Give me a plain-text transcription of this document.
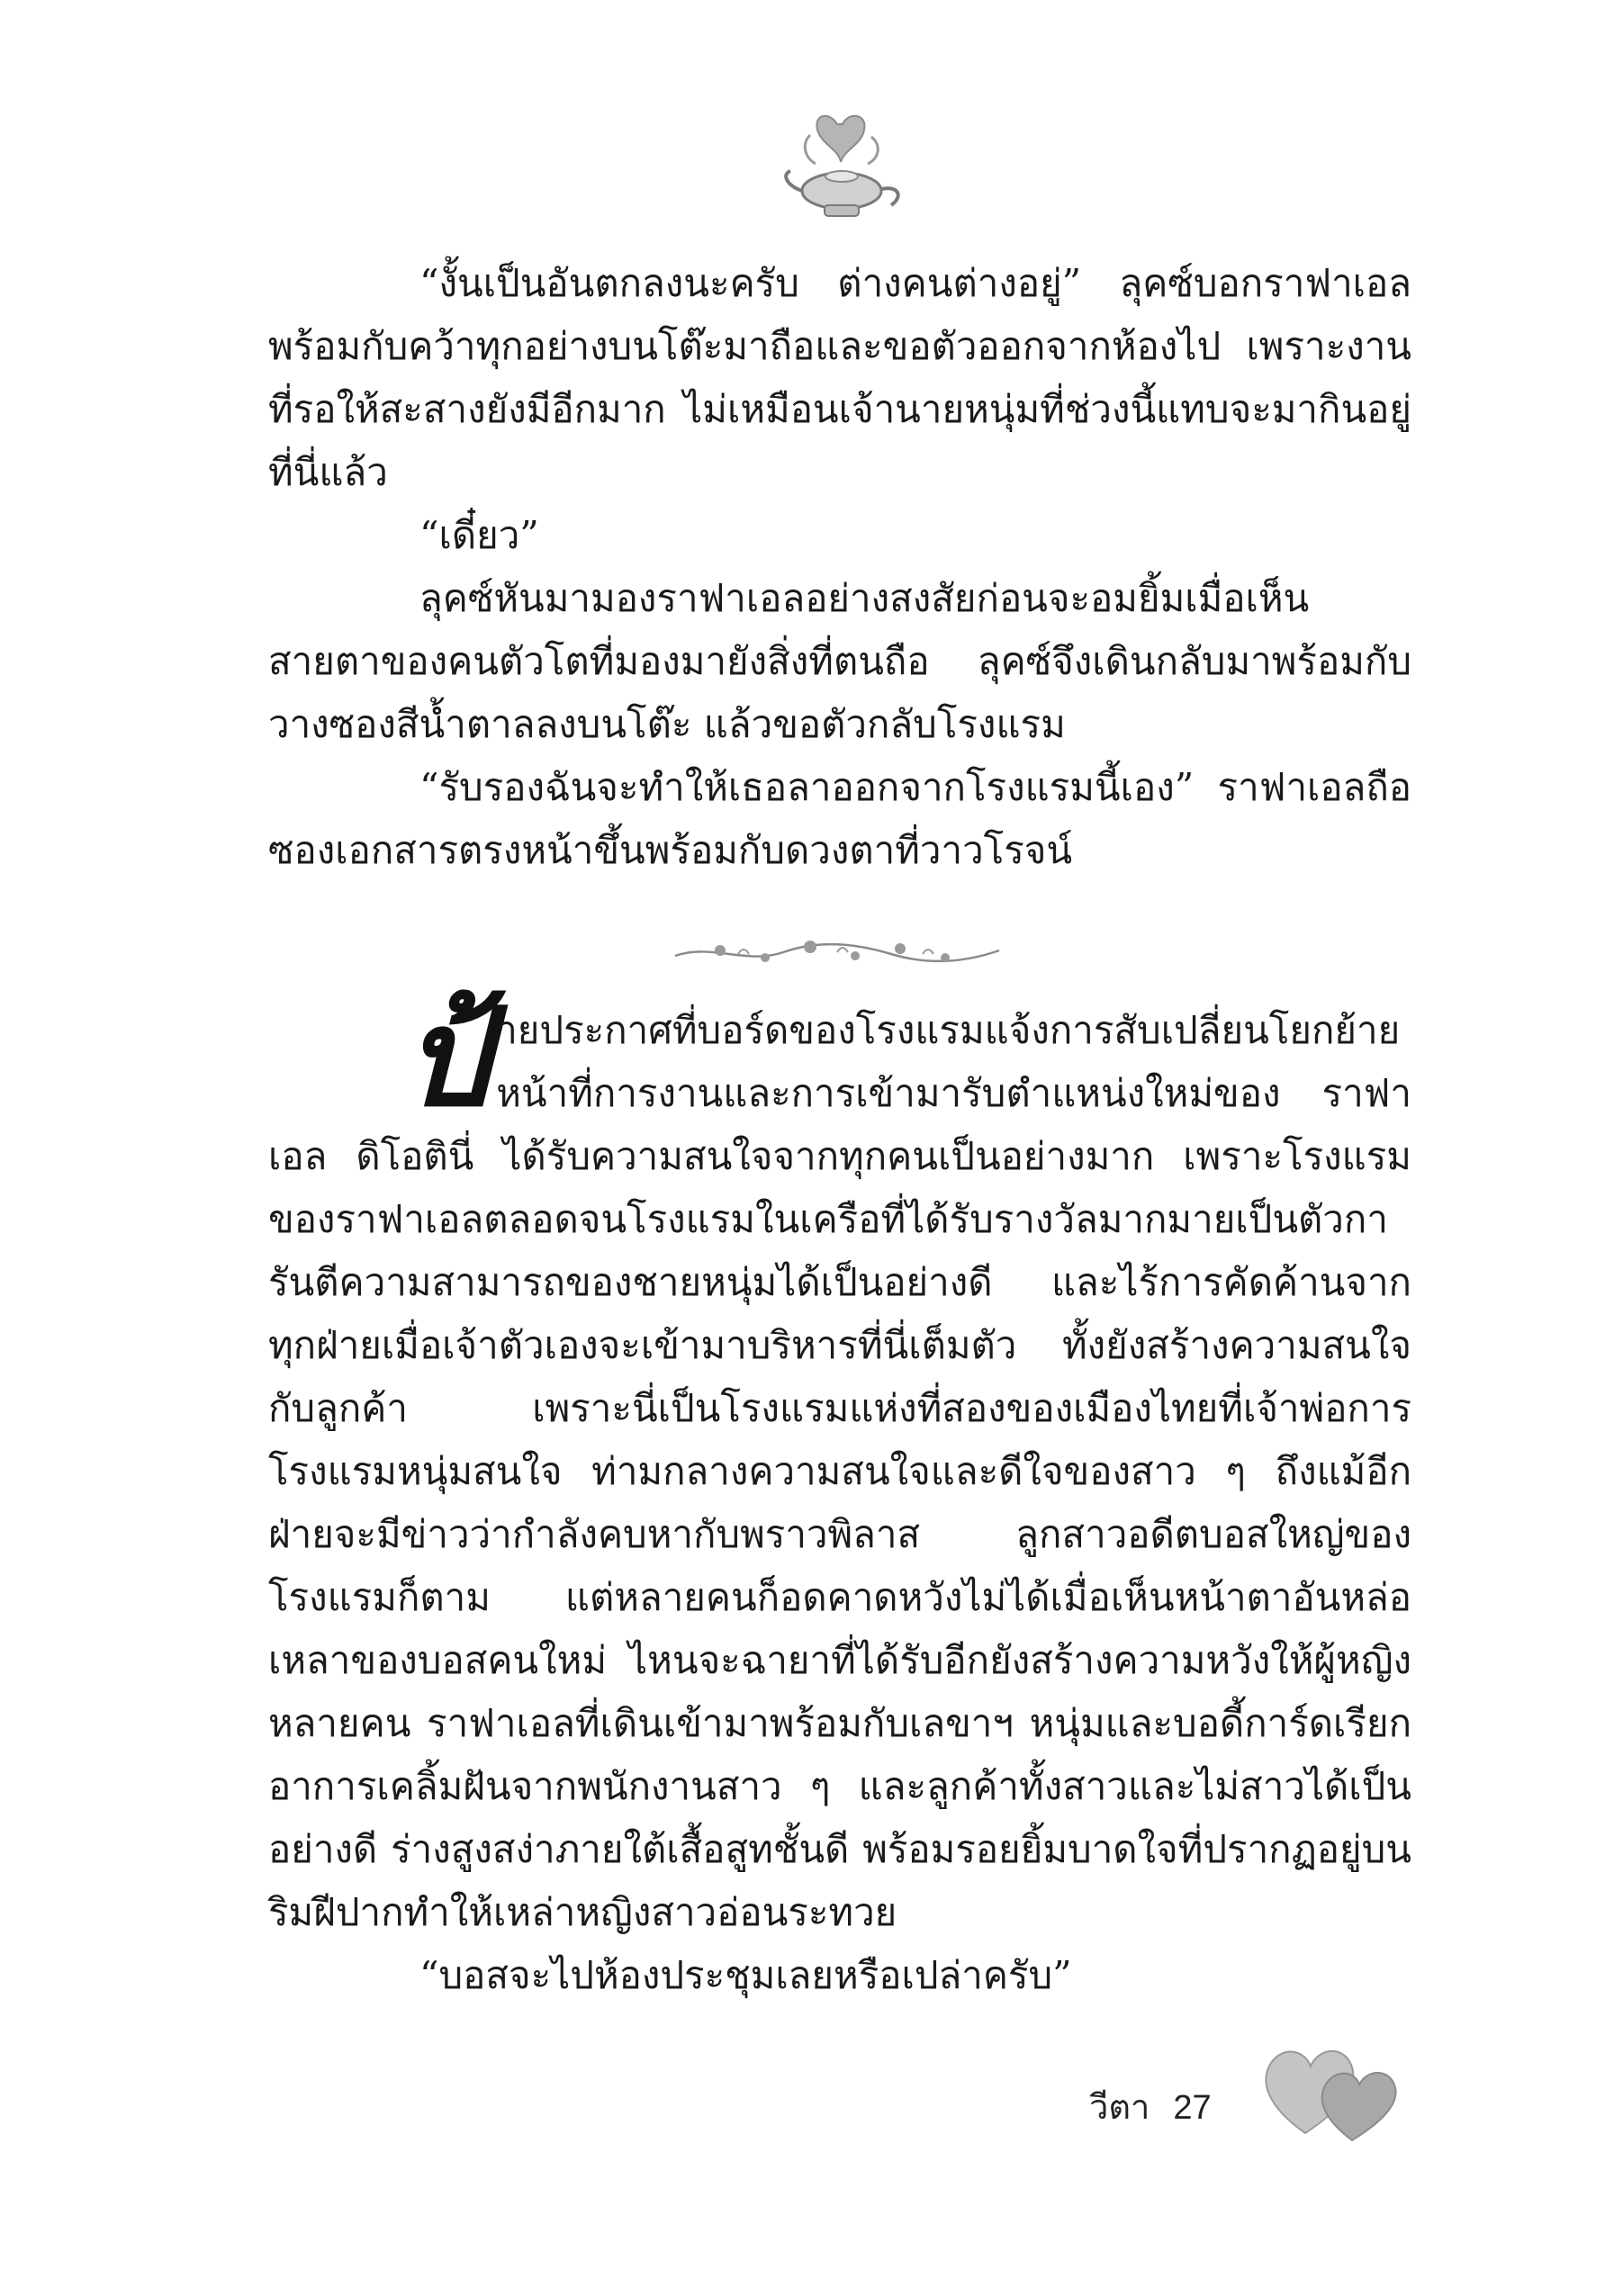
“งั้นเป็นอันตกลงนะครับ ต่างคนต่างอยู่” ลุคซ์บอกราฟาเอล พร้อมกับคว้าทุกอย่างบนโต๊ะมาถือและขอตัวออกจากห้องไป เพราะงานที่รอให้สะสางยังมีอีกมาก ไม่เหมือนเจ้านายหนุ่มที่ช่วงนี้แทบจะมากินอยู่ที่นี่แล้ว

“เดี๋ยว”

ลุคซ์หันมามองราฟาเอลอย่างสงสัยก่อนจะอมยิ้มเมื่อเห็นสายตาของคนตัวโตที่มองมายังสิ่งที่ตนถือ ลุคซ์จึงเดินกลับมาพร้อมกับวางซองสีน้ำตาลลงบนโต๊ะ แล้วขอตัวกลับโรงแรม

“รับรองฉันจะทำให้เธอลาออกจากโรงแรมนี้เอง” ราฟาเอลถือซองเอกสารตรงหน้าขึ้นพร้อมกับดวงตาที่วาวโรจน์

ป้ายประกาศที่บอร์ดของโรงแรมแจ้งการสับเปลี่ยนโยกย้ายหน้าที่การงานและการเข้ามารับตำแหน่งใหม่ของ ราฟาเอล ดิโอตินี่ ได้รับความสนใจจากทุกคนเป็นอย่างมาก เพราะโรงแรมของราฟาเอลตลอดจนโรงแรมในเครือที่ได้รับรางวัลมากมายเป็นตัวการันตีความสามารถของชายหนุ่มได้เป็นอย่างดี และไร้การคัดค้านจากทุกฝ่ายเมื่อเจ้าตัวเองจะเข้ามาบริหารที่นี่เต็มตัว ทั้งยังสร้างความสนใจกับลูกค้า เพราะนี่เป็นโรงแรมแห่งที่สองของเมืองไทยที่เจ้าพ่อการโรงแรมหนุ่มสนใจ ท่ามกลางความสนใจและดีใจของสาว ๆ ถึงแม้อีกฝ่ายจะมีข่าวว่ากำลังคบหากับพราวพิลาส ลูกสาวอดีตบอสใหญ่ของโรงแรมก็ตาม แต่หลายคนก็อดคาดหวังไม่ได้เมื่อเห็นหน้าตาอันหล่อเหลาของบอสคนใหม่ ไหนจะฉายาที่ได้รับอีกยังสร้างความหวังให้ผู้หญิงหลายคน ราฟาเอลที่เดินเข้ามาพร้อมกับเลขาฯ หนุ่มและบอดี้การ์ดเรียกอาการเคลิ้มฝันจากพนักงานสาว ๆ และลูกค้าทั้งสาวและไม่สาวได้เป็นอย่างดี ร่างสูงสง่าภายใต้เสื้อสูทชั้นดี พร้อมรอยยิ้มบาดใจที่ปรากฏอยู่บนริมฝีปากทำให้เหล่าหญิงสาวอ่อนระทวย

“บอสจะไปห้องประชุมเลยหรือเปล่าครับ”

วีตา 27
